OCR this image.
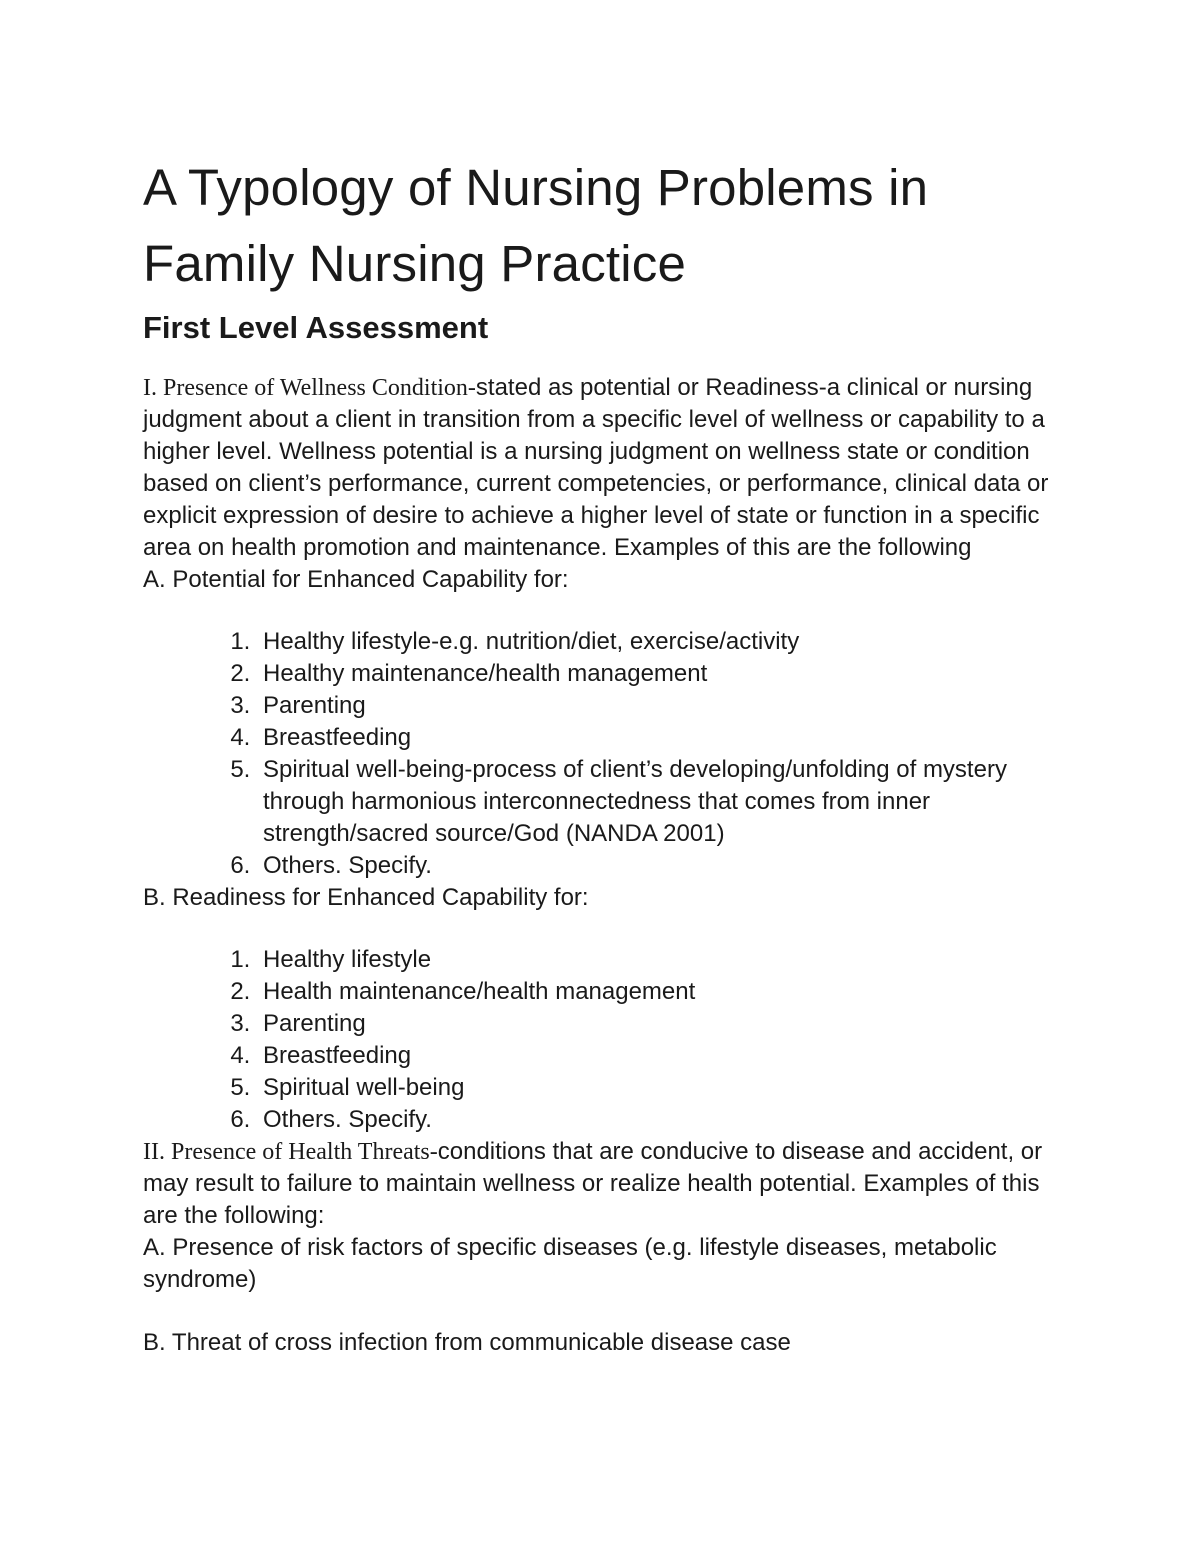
A Typology of Nursing Problems in Family Nursing Practice
First Level Assessment
I. Presence of Wellness Condition-stated as potential or Readiness-a clinical or nursing judgment about a client in transition from a specific level of wellness or capability to a higher level. Wellness potential is a nursing judgment on wellness state or condition based on client’s performance, current competencies, or performance, clinical data or explicit expression of desire to achieve a higher level of state or function in a specific area on health promotion and maintenance. Examples of this are the following
A. Potential for Enhanced Capability for:
1. Healthy lifestyle-e.g. nutrition/diet, exercise/activity
2. Healthy maintenance/health management
3. Parenting
4. Breastfeeding
5. Spiritual well-being-process of client’s developing/unfolding of mystery through harmonious interconnectedness that comes from inner strength/sacred source/God (NANDA 2001)
6. Others. Specify.
B. Readiness for Enhanced Capability for:
1. Healthy lifestyle
2. Health maintenance/health management
3. Parenting
4. Breastfeeding
5. Spiritual well-being
6. Others. Specify.
II. Presence of Health Threats-conditions that are conducive to disease and accident, or may result to failure to maintain wellness or realize health potential. Examples of this are the following:
A. Presence of risk factors of specific diseases (e.g. lifestyle diseases, metabolic syndrome)
B. Threat of cross infection from communicable disease case
